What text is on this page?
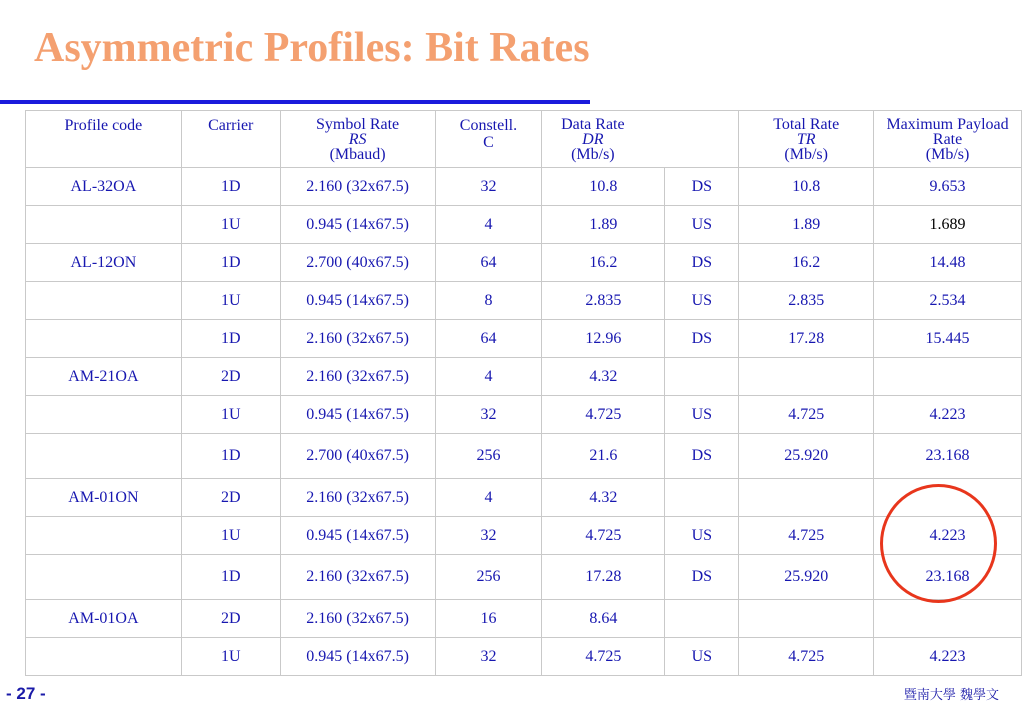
Asymmetric Profiles: Bit Rates
Profile code	Carrier	Symbol Rate
RS
(Mbaud)	Constell.
C	Data Rate
DR
(Mb/s)		Total Rate
TR
(Mb/s)	Maximum Payload
Rate
(Mb/s)

AL-32OA	1D	2.160 (32x67.5)	32	10.8	DS	10.8	9.653
	1U	0.945 (14x67.5)	4	1.89	US	1.89	1.689
AL-12ON	1D	2.700 (40x67.5)	64	16.2	DS	16.2	14.48
	1U	0.945 (14x67.5)	8	2.835	US	2.835	2.534
	1D	2.160 (32x67.5)	64	12.96	DS	17.28	15.445
AM-21OA	2D	2.160 (32x67.5)	4	4.32			
	1U	0.945 (14x67.5)	32	4.725	US	4.725	4.223
	1D	2.700 (40x67.5)	256	21.6	DS	25.920	23.168
AM-01ON	2D	2.160 (32x67.5)	4	4.32			
	1U	0.945 (14x67.5)	32	4.725	US	4.725	4.223
	1D	2.160 (32x67.5)	256	17.28	DS	25.920	23.168
AM-01OA	2D	2.160 (32x67.5)	16	8.64			
	1U	0.945 (14x67.5)	32	4.725	US	4.725	4.223
- 27 -	暨南大學 魏學文
